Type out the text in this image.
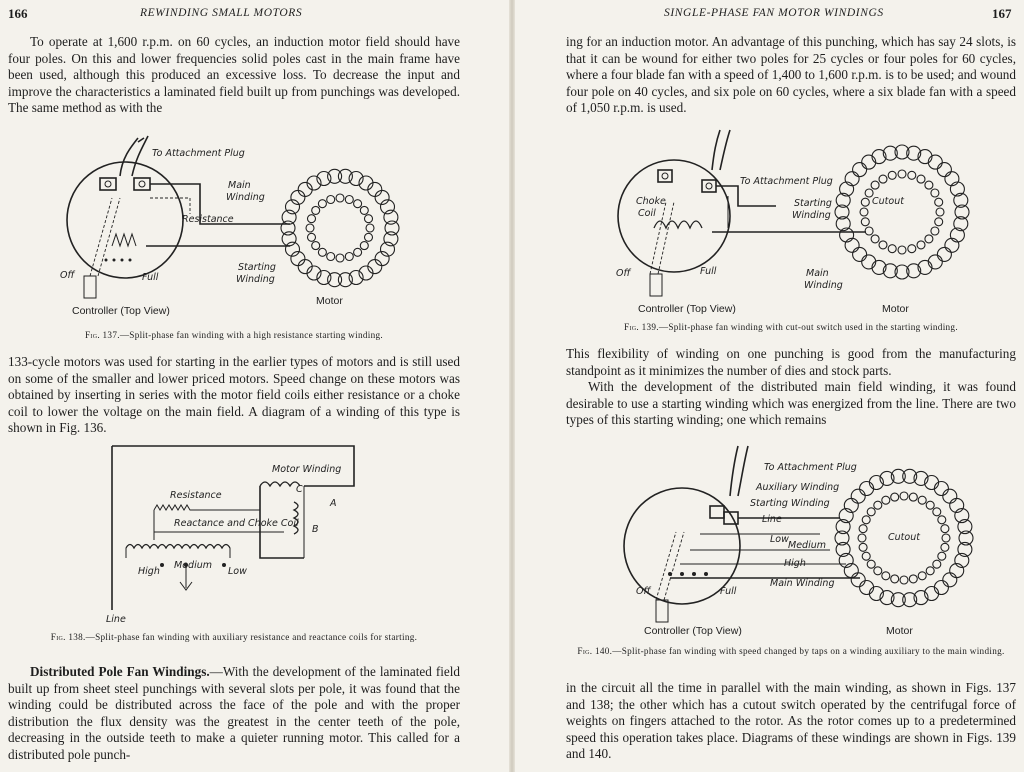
166	REWINDING SMALL MOTORS

To operate at 1,600 r.p.m. on 60 cycles, an induction motor field should have four poles. On this and lower frequencies solid poles cast in the main frame have been used, although this produced an excessive loss. To decrease the input and improve the characteristics a laminated field built up from punchings was developed. The same method as with the

To Attachment Plug
Main
Winding
Resistance
Starting
Winding
Off	Full
Controller (Top View)
Motor

Fig. 137.—Split-phase fan winding with a high resistance starting winding.

133-cycle motors was used for starting in the earlier types of motors and is still used on some of the smaller and lower priced motors. Speed change on these motors was obtained by inserting in series with the motor field coils either resistance or a choke coil to lower the voltage on the main field. A diagram of a winding of this type is shown in Fig. 136.

Motor Winding
Resistance
Reactance and Choke Coil
C
A
B
High
Medium
Low
Line

Fig. 138.—Split-phase fan winding with auxiliary resistance and reactance coils for starting.

Distributed Pole Fan Windings.—With the development of the laminated field built up from sheet steel punchings with several slots per pole, it was found that the winding could be distributed across the face of the pole and with the proper distribution the flux density was the greatest in the center teeth of the pole, decreasing in the outside teeth to make a quieter running motor. This called for a distributed pole punch-

SINGLE-PHASE FAN MOTOR WINDINGS	167

ing for an induction motor. An advantage of this punching, which has say 24 slots, is that it can be wound for either two poles for 25 cycles or four poles for 60 cycles, where a four blade fan with a speed of 1,400 to 1,600 r.p.m. is to be used; and wound four pole on 40 cycles, and six pole on 60 cycles, where a six blade fan with a speed of 1,050 r.p.m. is used.

To Attachment Plug
Choke
Coil
Starting
Winding
Cutout
Main
Winding
Off	Full
Controller (Top View)	Motor

Fig. 139.—Split-phase fan winding with cut-out switch used in the starting winding.

This flexibility of winding on one punching is good from the manufacturing standpoint as it minimizes the number of dies and stock parts.

With the development of the distributed main field winding, it was found desirable to use a starting winding which was energized from the line. There are two types of this starting winding; one which remains

To Attachment Plug
Auxiliary Winding
Starting Winding
Line
Low
Medium
High
Main Winding
Cutout
Off	Full
Controller (Top View)	Motor

Fig. 140.—Split-phase fan winding with speed changed by taps on a winding auxiliary to the main winding.

in the circuit all the time in parallel with the main winding, as shown in Figs. 137 and 138; the other which has a cutout switch operated by the centrifugal force of weights on fingers attached to the rotor. As the rotor comes up to a predetermined speed this operation takes place. Diagrams of these windings are shown in Figs. 139 and 140.
